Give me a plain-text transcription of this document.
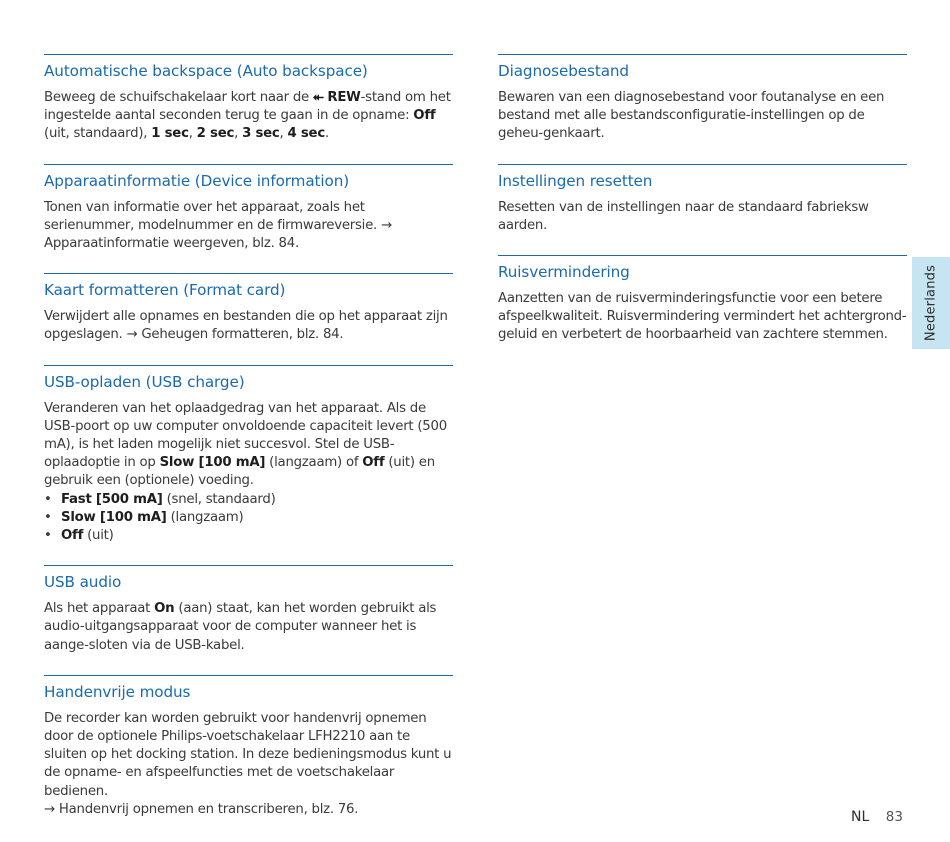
Automatische backspace (Auto backspace)

Beweeg de schuifschakelaar kort naar de ⯬ REW-stand om het ingestelde aantal seconden terug te gaan in de opname: Off (uit, standaard), 1 sec, 2 sec, 3 sec, 4 sec.

Apparaatinformatie (Device information)

Tonen van informatie over het apparaat, zoals het serienummer, modelnummer en de firmwareversie. → Apparaatinformatie weergeven, blz. 84.

Kaart formatteren (Format card)

Verwijdert alle opnames en bestanden die op het apparaat zijn opgeslagen. → Geheugen formatteren, blz. 84.

USB-opladen (USB charge)

Veranderen van het oplaadgedrag van het apparaat. Als de USB-poort op uw computer onvoldoende capaciteit levert (500 mA), is het laden mogelijk niet succesvol. Stel de USB-oplaadoptie in op Slow [100 mA] (langzaam) of Off (uit) en gebruik een (optionele) voeding.

• Fast [500 mA] (snel, standaard)
• Slow [100 mA] (langzaam)
• Off (uit)
USB audio

Als het apparaat On (aan) staat, kan het worden gebruikt als audio-uitgangsapparaat voor de computer wanneer het is aange-sloten via de USB-kabel.

Handenvrije modus

De recorder kan worden gebruikt voor handenvrij opnemen door de optionele Philips-voetschakelaar LFH2210 aan te sluiten op het docking station. In deze bedieningsmodus kunt u de opname- en afspeelfuncties met de voetschakelaar bedienen.
→ Handenvrij opnemen en transcriberen, blz. 76.

Diagnosebestand

Bewaren van een diagnosebestand voor foutanalyse en een bestand met alle bestandsconfiguratie-instellingen op de geheu-genkaart.

Instellingen resetten

Resetten van de instellingen naar de standaard fabrieksw aarden.

Ruisvermindering

Aanzetten van de ruisverminderingsfunctie voor een betere afspeelkwaliteit. Ruisvermindering vermindert het achtergrond-geluid en verbetert de hoorbaarheid van zachtere stemmen.	Nederlands
NL 83
